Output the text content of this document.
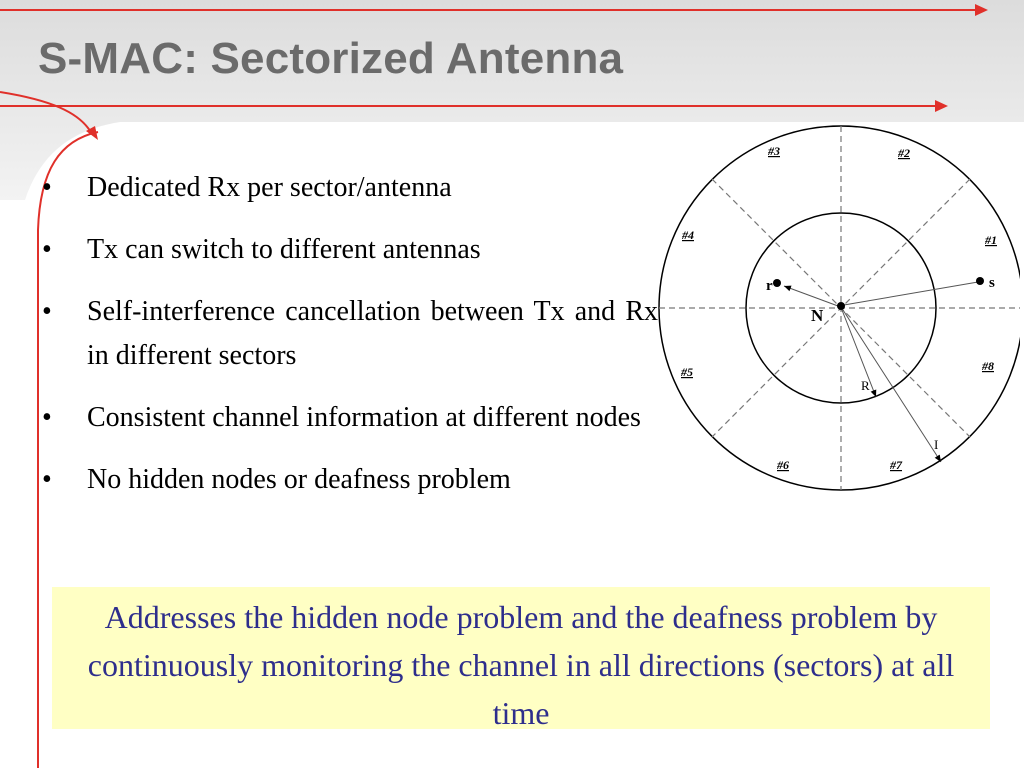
S-MAC: Sectorized Antenna
•	Dedicated Rx per sector/antenna
•	Tx can switch to different antennas
•	Self-interference cancellation between Tx and Rx in different sectors
•	Consistent channel information at different nodes
•	No hidden nodes or deafness problem
#3	#2
#4	#1
#5	#8
#6	#7
r	s
N
R
I
Addresses the hidden node problem and the deafness problem by continuously monitoring the channel in all directions (sectors) at all time
